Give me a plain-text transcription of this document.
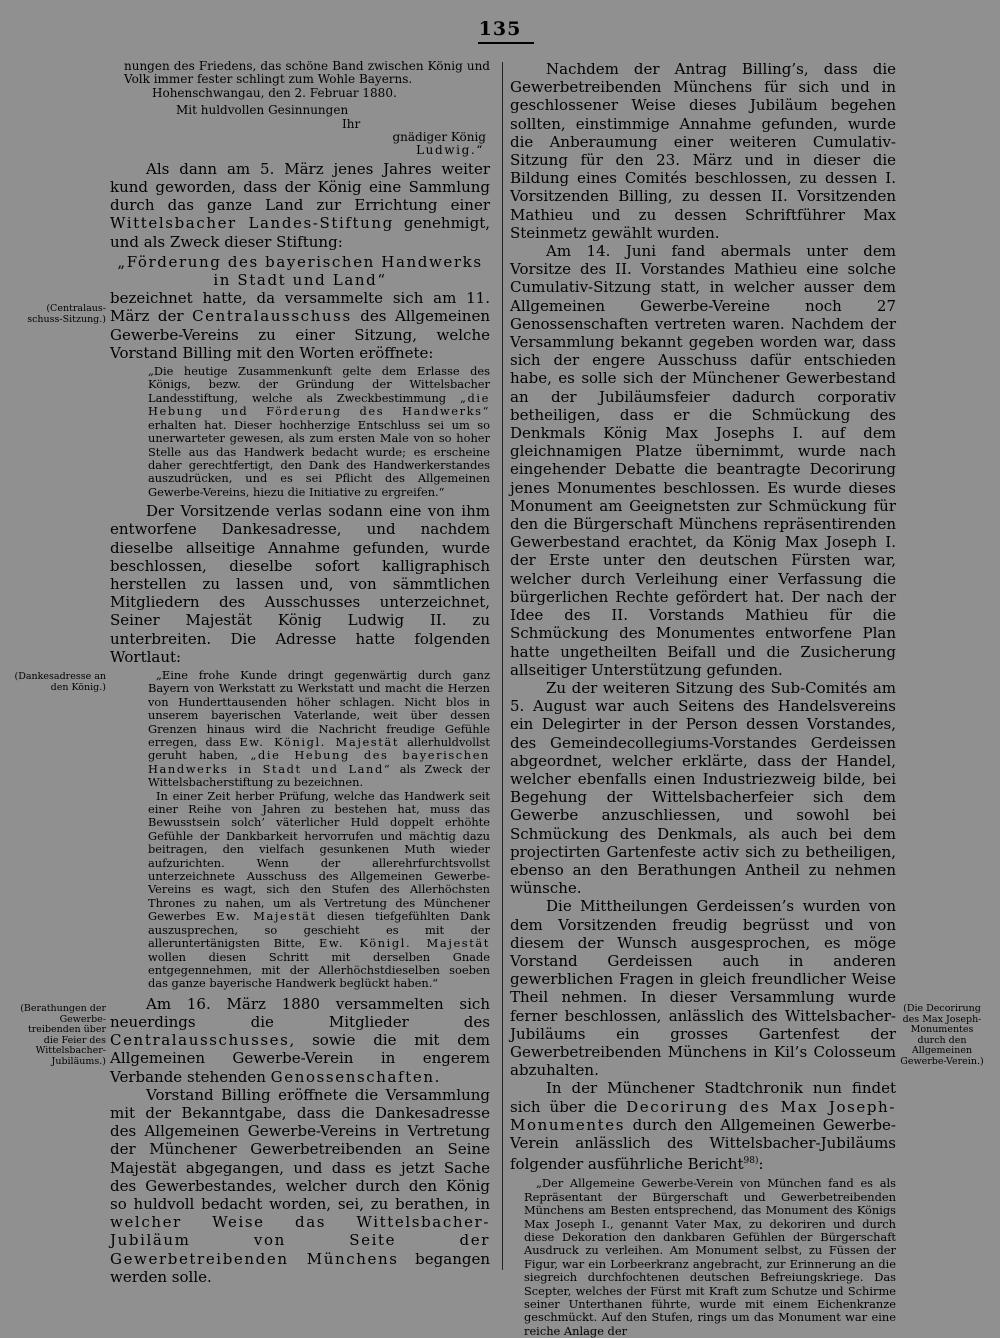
135
(Centralaus-schuss-Sitzung.)
(Dankesadresse an den König.)
(Berathungen der Gewerbe-treibenden über die Feier des Wittelsbacher-Jubiläums.)
(Die Decorirung des Max Joseph-Monumentes durch den Allgemeinen Gewerbe-Verein.)

nungen des Friedens, das schöne Band zwischen König und Volk immer fester schlingt zum Wohle Bayerns.

Hohenschwangau, den 2. Februar 1880.

Mit huldvollen Gesinnungen

Ihr

gnädiger König

Ludwig.“

Als dann am 5. März jenes Jahres weiter kund geworden, dass der König eine Sammlung durch das ganze Land zur Errichtung einer Wittelsbacher Landes-Stiftung genehmigt, und als Zweck dieser Stiftung:

„Förderung des bayerischen Handwerks

in Stadt und Land“

bezeichnet hatte, da versammelte sich am 11. März der Centralausschuss des Allgemeinen Gewerbe-Vereins zu einer Sitzung, welche Vorstand Billing mit den Worten eröffnete:

„Die heutige Zusammenkunft gelte dem Erlasse des Königs, bezw. der Gründung der Wittelsbacher Landesstiftung, welche als Zweckbestimmung „die Hebung und Förderung des Handwerks“ erhalten hat. Dieser hochherzige Entschluss sei um so unerwarteter gewesen, als zum ersten Male von so hoher Stelle aus das Handwerk bedacht wurde; es erscheine daher gerechtfertigt, den Dank des Handwerkerstandes auszudrücken, und es sei Pflicht des Allgemeinen Gewerbe-Vereins, hiezu die Initiative zu ergreifen.“

Der Vorsitzende verlas sodann eine von ihm entworfene Dankesadresse, und nachdem dieselbe allseitige Annahme gefunden, wurde beschlossen, dieselbe sofort kalligraphisch herstellen zu lassen und, von sämmtlichen Mitgliedern des Ausschusses unterzeichnet, Seiner Majestät König Ludwig II. zu unterbreiten. Die Adresse hatte folgenden Wortlaut:

„Eine frohe Kunde dringt gegenwärtig durch ganz Bayern von Werkstatt zu Werkstatt und macht die Herzen von Hunderttausenden höher schlagen. Nicht blos in unserem bayerischen Vaterlande, weit über dessen Grenzen hinaus wird die Nachricht freudige Gefühle erregen, dass Ew. Königl. Majestät allerhuldvollst geruht haben, „die Hebung des bayerischen Handwerks in Stadt und Land“ als Zweck der Wittelsbacherstiftung zu bezeichnen.

In einer Zeit herber Prüfung, welche das Handwerk seit einer Reihe von Jahren zu bestehen hat, muss das Bewusstsein solch’ väterlicher Huld doppelt erhöhte Gefühle der Dankbarkeit hervorrufen und mächtig dazu beitragen, den vielfach gesunkenen Muth wieder aufzurichten. Wenn der allerehrfurchtsvollst unterzeichnete Ausschuss des Allgemeinen Gewerbe-Vereins es wagt, sich den Stufen des Allerhöchsten Thrones zu nahen, um als Vertretung des Münchener Gewerbes Ew. Majestät diesen tiefgefühlten Dank auszusprechen, so geschieht es mit der alleruntertänigsten Bitte, Ew. Königl. Majestät wollen diesen Schritt mit derselben Gnade entgegennehmen, mit der Allerhöchstdieselben soeben das ganze bayerische Handwerk beglückt haben.“

Am 16. März 1880 versammelten sich neuerdings die Mitglieder des Centralausschusses, sowie die mit dem Allgemeinen Gewerbe-Verein in engerem Verbande stehenden Genossenschaften.

Vorstand Billing eröffnete die Versammlung mit der Bekanntgabe, dass die Dankesadresse des Allgemeinen Gewerbe-Vereins in Vertretung der Münchener Gewerbetreibenden an Seine Majestät abgegangen, und dass es jetzt Sache des Gewerbestandes, welcher durch den König so huldvoll bedacht worden, sei, zu berathen, in welcher Weise das Wittelsbacher-Jubiläum von Seite der Gewerbetreibenden Münchens begangen werden solle.

Nachdem der Antrag Billing’s, dass die Gewerbetreibenden Münchens für sich und in geschlossener Weise dieses Jubiläum begehen sollten, einstimmige Annahme gefunden, wurde die Anberaumung einer weiteren Cumulativ-Sitzung für den 23. März und in dieser die Bildung eines Comités beschlossen, zu dessen I. Vorsitzenden Billing, zu dessen II. Vorsitzenden Mathieu und zu dessen Schriftführer Max Steinmetz gewählt wurden.

Am 14. Juni fand abermals unter dem Vorsitze des II. Vorstandes Mathieu eine solche Cumulativ-Sitzung statt, in welcher ausser dem Allgemeinen Gewerbe-Vereine noch 27 Genossenschaften vertreten waren. Nachdem der Versammlung bekannt gegeben worden war, dass sich der engere Ausschuss dafür entschieden habe, es solle sich der Münchener Gewerbestand an der Jubiläumsfeier dadurch corporativ betheiligen, dass er die Schmückung des Denkmals König Max Josephs I. auf dem gleichnamigen Platze übernimmt, wurde nach eingehender Debatte die beantragte Decorirung jenes Monumentes beschlossen. Es wurde dieses Monument am Geeignetsten zur Schmückung für den die Bürgerschaft Münchens repräsentirenden Gewerbestand erachtet, da König Max Joseph I. der Erste unter den deutschen Fürsten war, welcher durch Verleihung einer Verfassung die bürgerlichen Rechte gefördert hat. Der nach der Idee des II. Vorstands Mathieu für die Schmückung des Monumentes entworfene Plan hatte ungetheilten Beifall und die Zusicherung allseitiger Unterstützung gefunden.

Zu der weiteren Sitzung des Sub-Comités am 5. August war auch Seitens des Handelsvereins ein Delegirter in der Person dessen Vorstandes, des Gemeindecollegiums-Vorstandes Gerdeissen abgeordnet, welcher erklärte, dass der Handel, welcher ebenfalls einen Industriezweig bilde, bei Begehung der Wittelsbacherfeier sich dem Gewerbe anzuschliessen, und sowohl bei Schmückung des Denkmals, als auch bei dem projectirten Gartenfeste activ sich zu betheiligen, ebenso an den Berathungen Antheil zu nehmen wünsche.

Die Mittheilungen Gerdeissen’s wurden von dem Vorsitzenden freudig begrüsst und von diesem der Wunsch ausgesprochen, es möge Vorstand Gerdeissen auch in anderen gewerblichen Fragen in gleich freundlicher Weise Theil nehmen. In dieser Versammlung wurde ferner beschlossen, anlässlich des Wittelsbacher-Jubiläums ein grosses Gartenfest der Gewerbetreibenden Münchens in Kil’s Colosseum abzuhalten.

In der Münchener Stadtchronik nun findet sich über die Decorirung des Max Joseph-Monumentes durch den Allgemeinen Gewerbe-Verein anlässlich des Wittelsbacher-Jubiläums folgender ausführliche Bericht$^{98)}$:

„Der Allgemeine Gewerbe-Verein von München fand es als Repräsentant der Bürgerschaft und Gewerbetreibenden Münchens am Besten entsprechend, das Monument des Königs Max Joseph I., genannt Vater Max, zu dekoriren und durch diese Dekoration den dankbaren Gefühlen der Bürgerschaft Ausdruck zu verleihen. Am Monument selbst, zu Füssen der Figur, war ein Lorbeerkranz angebracht, zur Erinnerung an die siegreich durchfochtenen deutschen Befreiungskriege. Das Scepter, welches der Fürst mit Kraft zum Schutze und Schirme seiner Unterthanen führte, wurde mit einem Eichenkranze geschmückt. Auf den Stufen, rings um das Monument war eine reiche Anlage der
